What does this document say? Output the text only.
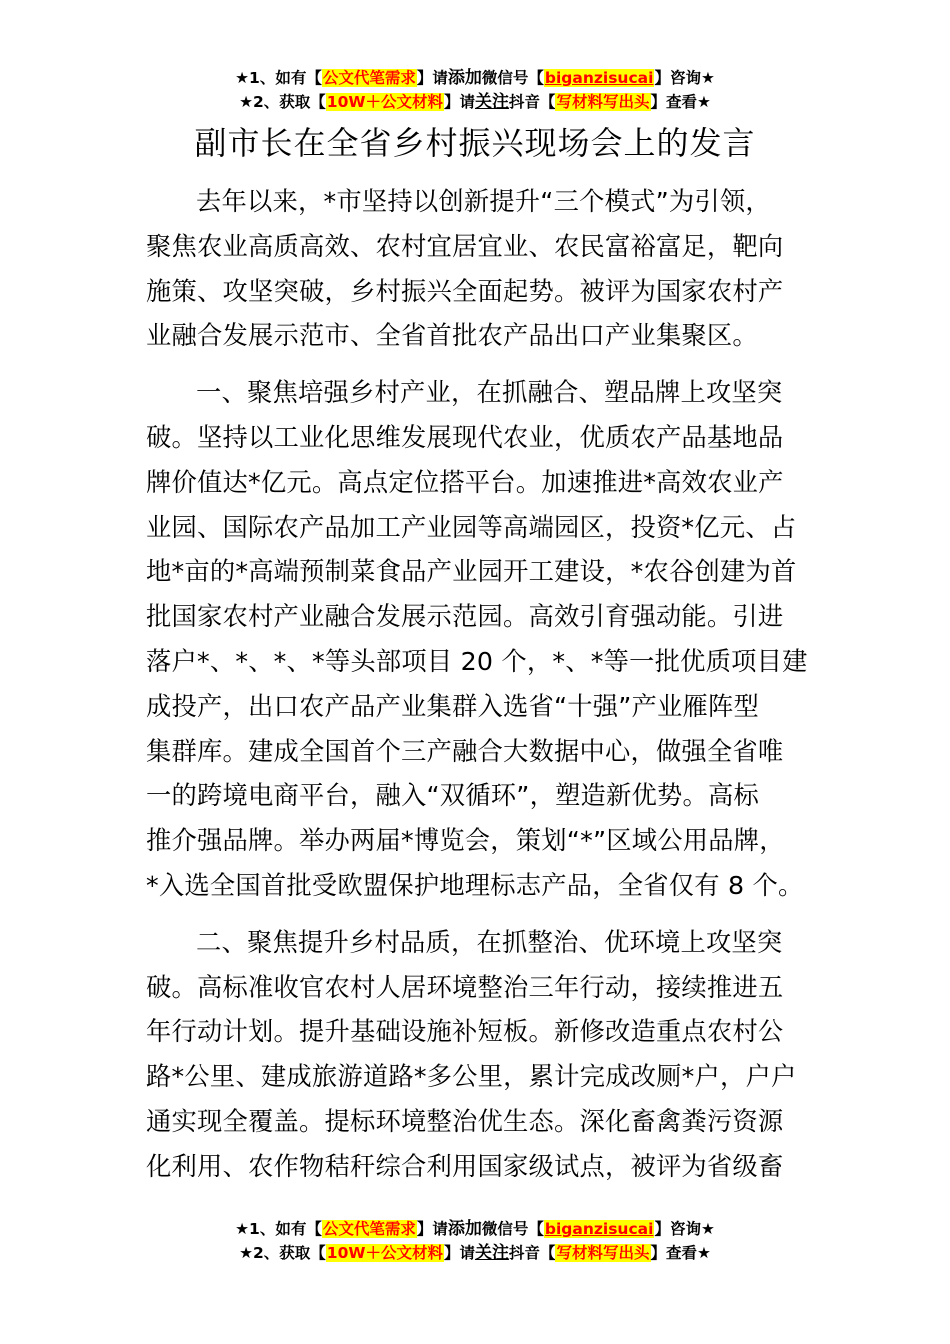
★1、如有【公文代笔需求】请添加微信号【biganzisucai】咨询★
★2、获取【10W＋公文材料】请关注抖音【写材料写出头】查看★
副市长在全省乡村振兴现场会上的发言
去年以来，*市坚持以创新提升“三个模式”为引领，
聚焦农业高质高效、农村宜居宜业、农民富裕富足，靶向
施策、攻坚突破，乡村振兴全面起势。被评为国家农村产
业融合发展示范市、全省首批农产品出口产业集聚区。
一、聚焦培强乡村产业，在抓融合、塑品牌上攻坚突
破。坚持以工业化思维发展现代农业，优质农产品基地品
牌价值达*亿元。高点定位搭平台。加速推进*高效农业产
业园、国际农产品加工产业园等高端园区，投资*亿元、占
地*亩的*高端预制菜食品产业园开工建设，*农谷创建为首
批国家农村产业融合发展示范园。高效引育强动能。引进
落户*、*、*、*等头部项目 20 个，*、*等一批优质项目建
成投产，出口农产品产业集群入选省“十强”产业雁阵型
集群库。建成全国首个三产融合大数据中心，做强全省唯
一的跨境电商平台，融入“双循环”，塑造新优势。高标
推介强品牌。举办两届*博览会，策划“*”区域公用品牌，
*入选全国首批受欧盟保护地理标志产品，全省仅有 8 个。
二、聚焦提升乡村品质，在抓整治、优环境上攻坚突
破。高标准收官农村人居环境整治三年行动，接续推进五
年行动计划。提升基础设施补短板。新修改造重点农村公
路*公里、建成旅游道路*多公里，累计完成改厕*户，户户
通实现全覆盖。提标环境整治优生态。深化畜禽粪污资源
化利用、农作物秸秆综合利用国家级试点，被评为省级畜
★1、如有【公文代笔需求】请添加微信号【biganzisucai】咨询★
★2、获取【10W＋公文材料】请关注抖音【写材料写出头】查看★
